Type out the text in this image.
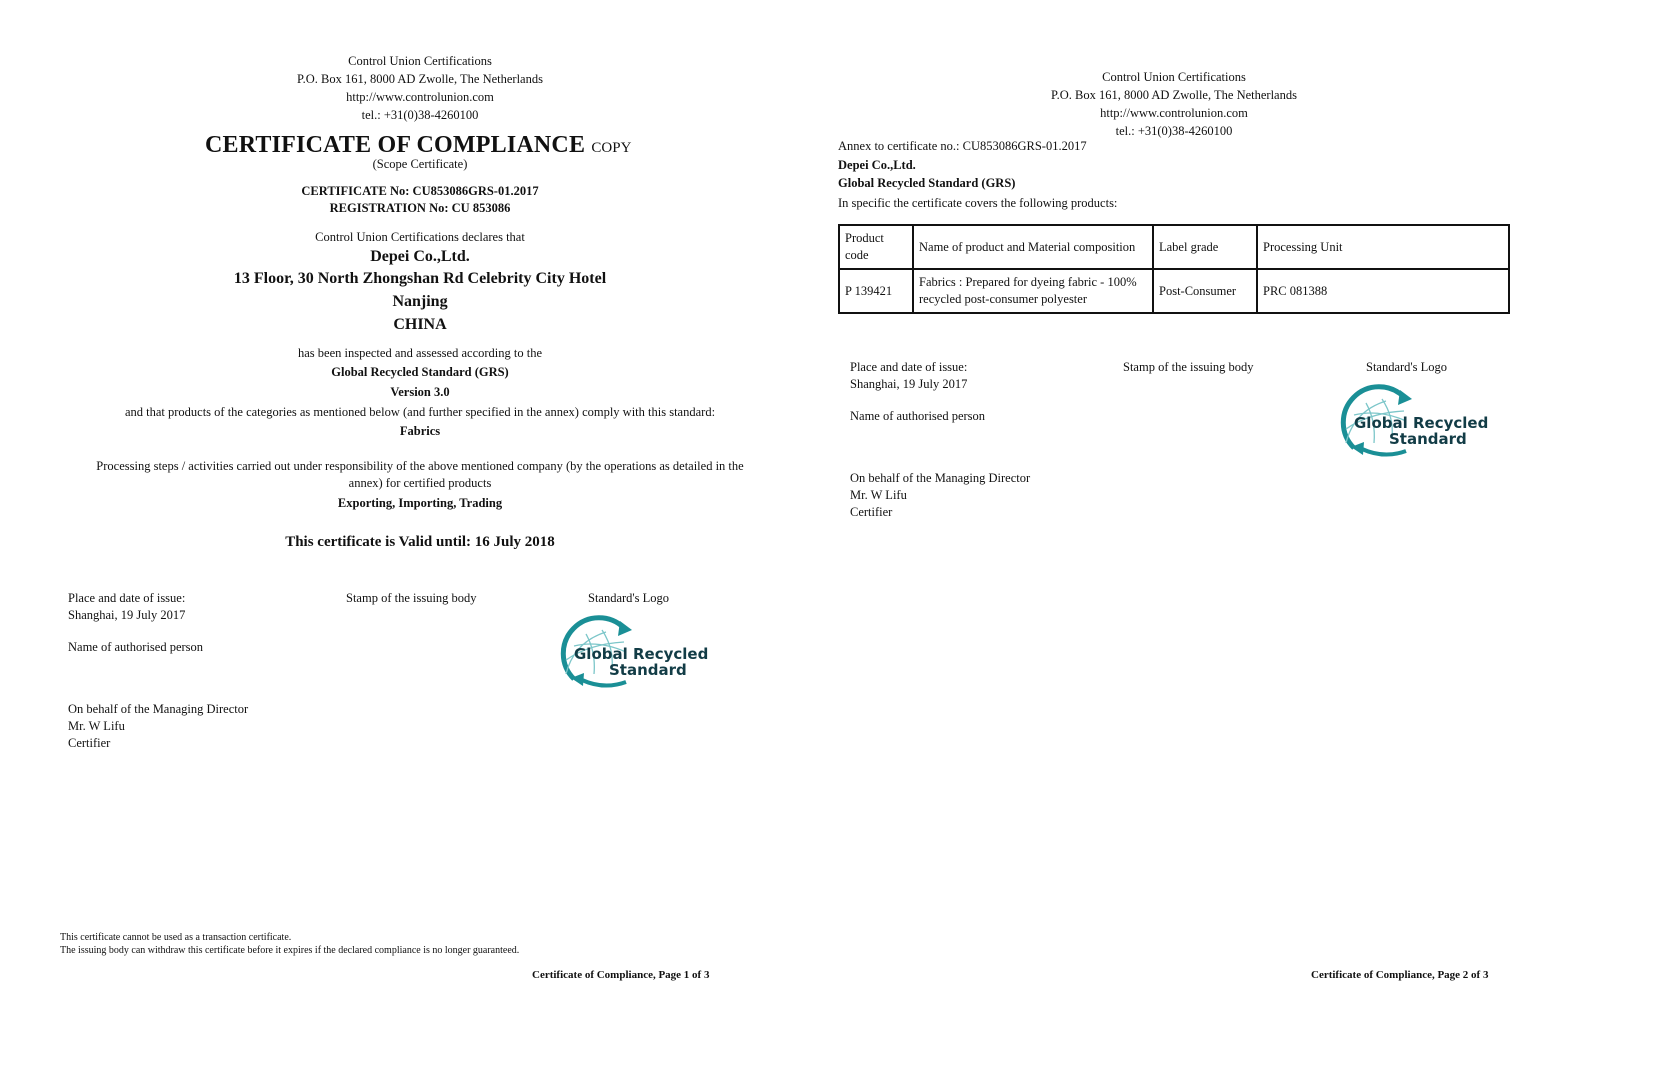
Control Union Certifications
P.O. Box 161, 8000 AD Zwolle, The Netherlands
http://www.controlunion.com
tel.: +31(0)38-4260100
CERTIFICATE OF COMPLIANCE COPY
(Scope Certificate)
CERTIFICATE No: CU853086GRS-01.2017
REGISTRATION No: CU 853086
Control Union Certifications declares that
Depei Co.,Ltd.
13 Floor, 30 North Zhongshan Rd Celebrity City Hotel
Nanjing
CHINA
has been inspected and assessed according to the
Global Recycled Standard (GRS)
Version 3.0
and that products of the categories as mentioned below (and further specified in the annex) comply with this standard:
Fabrics
Processing steps / activities carried out under responsibility of the above mentioned company (by the operations as detailed in the
annex) for certified products
Exporting, Importing, Trading
This certificate is Valid until: 16 July 2018
Place and date of issue:
Shanghai, 19 July 2017
Stamp of the issuing body	Standard's Logo
Name of authorised person	Global Recycled
Standard
On behalf of the Managing Director
Mr. W Lifu
Certifier
This certificate cannot be used as a transaction certificate.
The issuing body can withdraw this certificate before it expires if the declared compliance is no longer guaranteed.
Certificate of Compliance, Page 1 of 3
Control Union Certifications
P.O. Box 161, 8000 AD Zwolle, The Netherlands
http://www.controlunion.com
tel.: +31(0)38-4260100
Annex to certificate no.: CU853086GRS-01.2017
Depei Co.,Ltd.
Global Recycled Standard (GRS)
In specific the certificate covers the following products:
Product code	Name of product and Material composition	Label grade	Processing Unit
P 139421	Fabrics : Prepared for dyeing fabric - 100% recycled post-consumer polyester	Post-Consumer	PRC 081388
Place and date of issue:
Shanghai, 19 July 2017
Stamp of the issuing body	Standard's Logo
Name of authorised person	Global Recycled
Standard
On behalf of the Managing Director
Mr. W Lifu
Certifier
Certificate of Compliance, Page 2 of 3
